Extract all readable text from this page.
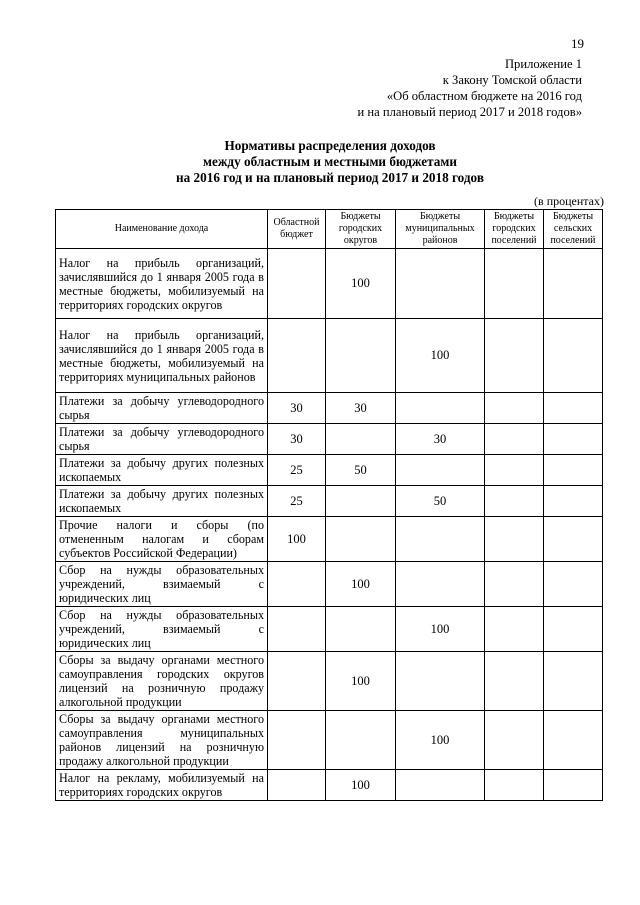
19
Приложение 1
к Закону Томской области
«Об областном бюджете на 2016 год
и на плановый период 2017 и 2018 годов»
Нормативы распределения доходов
между областным и местными бюджетами
на 2016 год и на плановый период 2017 и 2018 годов
(в процентах)
Наименование дохода	Областной бюджет	Бюджеты городских округов	Бюджеты муниципальных районов	Бюджеты городских поселений	Бюджеты сельских поселений
Налог на прибыль организаций, зачислявшийся до 1 января 2005 года в местные бюджеты, мобилизуемый на территориях городских округов		100			
Налог на прибыль организаций, зачислявшийся до 1 января 2005 года в местные бюджеты, мобилизуемый на территориях муниципальных районов			100		
Платежи за добычу углеводородного сырья	30	30			
Платежи за добычу углеводородного сырья	30		30		
Платежи за добычу других полезных ископаемых	25	50			
Платежи за добычу других полезных ископаемых	25		50		
Прочие налоги и сборы (по отмененным налогам и сборам субъектов Российской Федерации)	100				
Сбор на нужды образовательных учреждений, взимаемый с юридических лиц		100			
Сбор на нужды образовательных учреждений, взимаемый с юридических лиц			100		
Сборы за выдачу органами местного самоуправления городских округов лицензий на розничную продажу алкогольной продукции		100			
Сборы за выдачу органами местного самоуправления муниципальных районов лицензий на розничную продажу алкогольной продукции			100		
Налог на рекламу, мобилизуемый на территориях городских округов		100			
